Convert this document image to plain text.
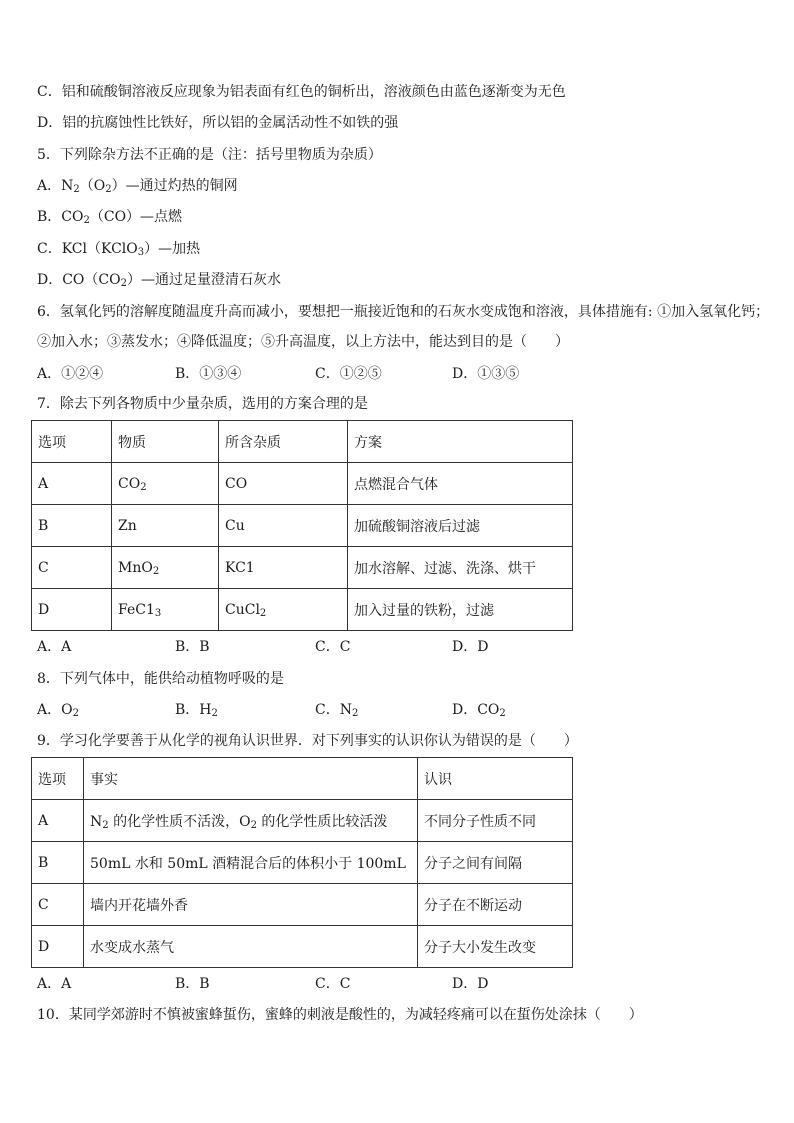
C．铝和硫酸铜溶液反应现象为铝表面有红色的铜析出，溶液颜色由蓝色逐渐变为无色
D．铝的抗腐蚀性比铁好，所以铝的金属活动性不如铁的强
5．下列除杂方法不正确的是（注：括号里物质为杂质）
A．$N_2(O_2)—$通过灼热的铜网
B．$CO_2(CO)—$点燃
C．KCl（KClO$_3$）—加热
D．$CO(CO_2)—$通过足量澄清石灰水
6．氢氧化钙的溶解度随温度升高而减小，要想把一瓶接近饱和的石灰水变成饱和溶液，具体措施有: ①加入氢氧化钙；
②加入水；③蒸发水；④降低温度；⑤升高温度，以上方法中，能达到目的是（　　）
A．①②④	B．①③④	C．①②⑤	D．①③⑤
7．除去下列各物质中少量杂质，选用的方案合理的是
选项	物质	所含杂质	方案
A	$CO_2$	CO	点燃混合气体
B	Zn	Cu	加硫酸铜溶液后过滤
C	MnO$_2$	KC1	加水溶解、过滤、洗涤、烘干
D	$FeC1_3$	CuCl$_2$	加入过量的铁粉，过滤
A．A	B．B	C．C	D．D
8．下列气体中，能供给动植物呼吸的是
A．$O_2$	B．$H_2$	C．$N_2$	D．$CO_2$
9．学习化学要善于从化学的视角认识世界．对下列事实的认识你认为错误的是（　　）
选项	事实	认识
A	$N_2$ 的化学性质不活泼，$O_2$ 的化学性质比较活泼	不同分子性质不同
B	50mL 水和 50mL 酒精混合后的体积小于 100mL	分子之间有间隔
C	墙内开花墙外香	分子在不断运动
D	水变成水蒸气	分子大小发生改变
A．A	B．B	C．C	D．D
10．某同学郊游时不慎被蜜蜂蜇伤，蜜蜂的刺液是酸性的，为减轻疼痛可以在蜇伤处涂抹（　　）
